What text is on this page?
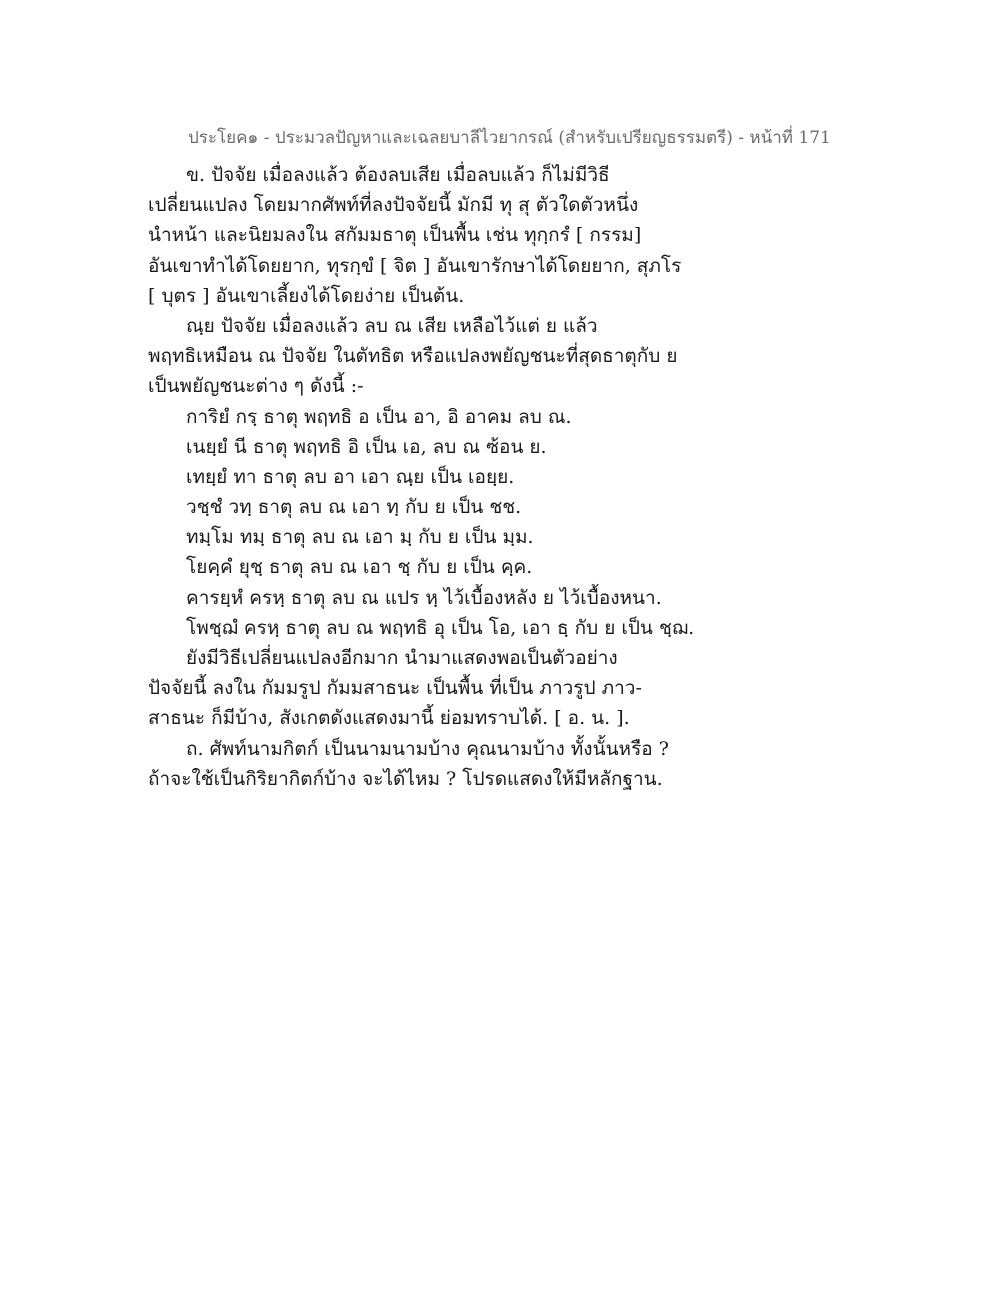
ประโยค๑ - ประมวลปัญหาและเฉลยบาลีไวยากรณ์ (สำหรับเปรียญธรรมตรี) - หน้าที่ 171
ข. ปัจจัย เมื่อลงแล้ว ต้องลบเสีย เมื่อลบแล้ว ก็ไม่มีวิธี
เปลี่ยนแปลง โดยมากศัพท์ที่ลงปัจจัยนี้ มักมี ทุ สุ ตัวใดตัวหนึ่ง
นำหน้า และนิยมลงใน สกัมมธาตุ เป็นพื้น เช่น ทุกฺกรํ [ กรรม]
อันเขาทำได้โดยยาก, ทุรกฺขํ [ จิต ] อันเขารักษาได้โดยยาก, สุภโร
[ บุตร ] อันเขาเลี้ยงได้โดยง่าย เป็นต้น.
ณฺย ปัจจัย เมื่อลงแล้ว ลบ ณ เสีย เหลือไว้แต่ ย แล้ว
พฤทธิเหมือน ณ ปัจจัย ในตัทธิต หรือแปลงพยัญชนะที่สุดธาตุกับ ย
เป็นพยัญชนะต่าง ๆ ดังนี้ :-
การิยํ กรฺ ธาตุ พฤทธิ อ เป็น อา, อิ อาคม ลบ ณ.
เนยฺยํ นี ธาตุ พฤทธิ อิ เป็น เอ, ลบ ณ ซ้อน ย.
เทยฺยํ ทา ธาตุ ลบ อา เอา ณฺย เป็น เอยฺย.
วชฺชํ วทฺ ธาตุ ลบ ณ เอา ทฺ กับ ย เป็น ชช.
ทมฺโม ทมฺ ธาตุ ลบ ณ เอา มฺ กับ ย เป็น มฺม.
โยคฺคํ ยุชฺ ธาตุ ลบ ณ เอา ชฺ กับ ย เป็น คฺค.
คารยฺหํ ครหฺ ธาตุ ลบ ณ แปร หฺ ไว้เบื้องหลัง ย ไว้เบื้องหนา.
โพชฺฌํ ครหฺ ธาตุ ลบ ณ พฤทธิ อุ เป็น โอ, เอา ธฺ กับ ย เป็น ชฺฌ.
ยังมีวิธีเปลี่ยนแปลงอีกมาก นำมาแสดงพอเป็นตัวอย่าง
ปัจจัยนี้ ลงใน กัมมรูป กัมมสาธนะ เป็นพื้น ที่เป็น ภาวรูป ภาว-
สาธนะ ก็มีบ้าง, สังเกตดังแสดงมานี้ ย่อมทราบได้. [ อ. น. ].
ถ. ศัพท์นามกิตก์ เป็นนามนามบ้าง คุณนามบ้าง ทั้งนั้นหรือ ?
ถ้าจะใช้เป็นกิริยากิตก์บ้าง จะได้ไหม ? โปรดแสดงให้มีหลักฐาน.
